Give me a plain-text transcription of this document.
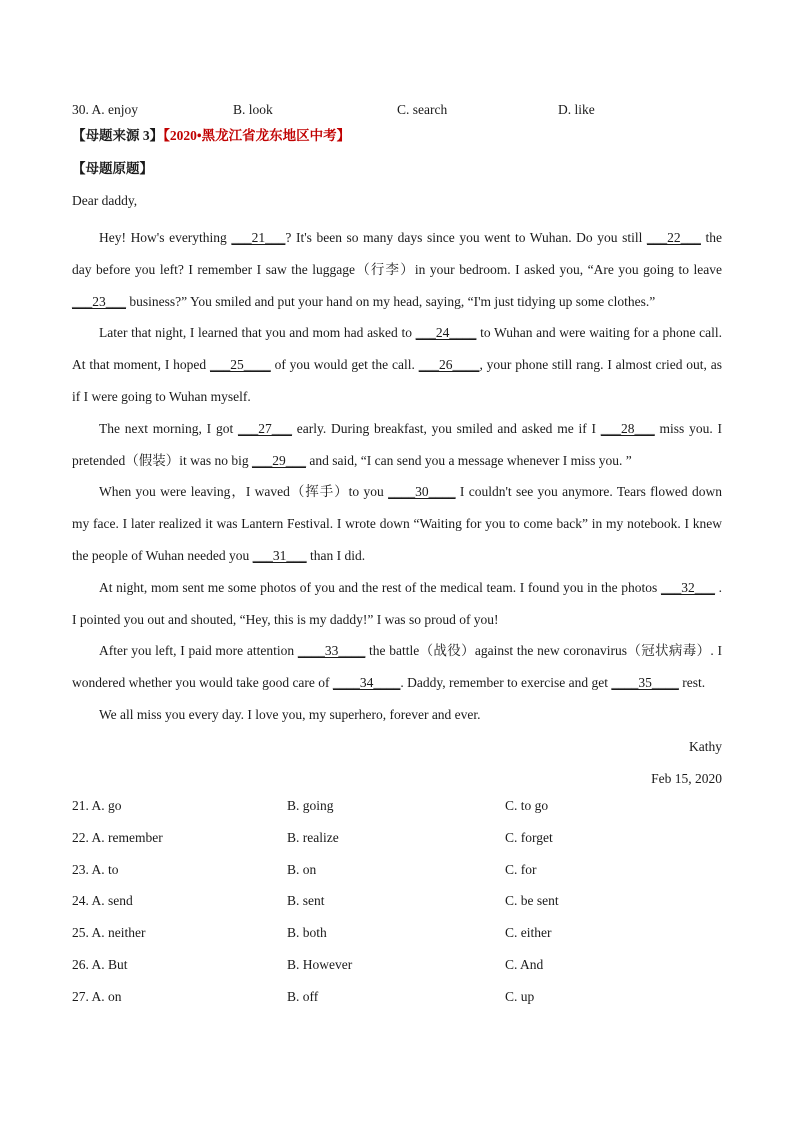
30. A. enjoy	B. look	C. search	D. like
【母题来源 3】【2020•黑龙江省龙东地区中考】
【母题原题】
Dear daddy,

Hey! How's everything ___21___? It's been so many days since you went to Wuhan. Do you still ___22___ the day before you left? I remember I saw the luggage（行李）in your bedroom. I asked you, “Are you going to leave ___23___ business?” You smiled and put your hand on my head, saying, “I'm just tidying up some clothes.”

Later that night, I learned that you and mom had asked to ___24____ to Wuhan and were waiting for a phone call. At that moment, I hoped ___25____ of you would get the call. ___26____, your phone still rang. I almost cried out, as if I were going to Wuhan myself.

The next morning, I got ___27___ early. During breakfast, you smiled and asked me if I ___28___ miss you. I pretended（假装）it was no big ___29___ and said, “I can send you a message whenever I miss you. ”

When you were leaving，I waved（挥手）to you ____30____ I couldn't see you anymore. Tears flowed down my face. I later realized it was Lantern Festival. I wrote down “Waiting for you to come back” in my notebook. I knew the people of Wuhan needed you ___31___ than I did.

At night, mom sent me some photos of you and the rest of the medical team. I found you in the photos ___32___ . I pointed you out and shouted, “Hey, this is my daddy!” I was so proud of you!

After you left, I paid more attention ____33____ the battle（战役）against the new coronavirus（冠状病毒）. I wondered whether you would take good care of ____34____. Daddy, remember to exercise and get ____35____ rest.

We all miss you every day. I love you, my superhero, forever and ever.

Kathy

Feb 15, 2020

21. A. go	B. going	C. to go
22. A. remember	B. realize	C. forget
23. A. to	B. on	C. for
24. A. send	B. sent	C. be sent
25. A. neither	B. both	C. either
26. A. But	B. However	C. And
27. A. on	B. off	C. up
